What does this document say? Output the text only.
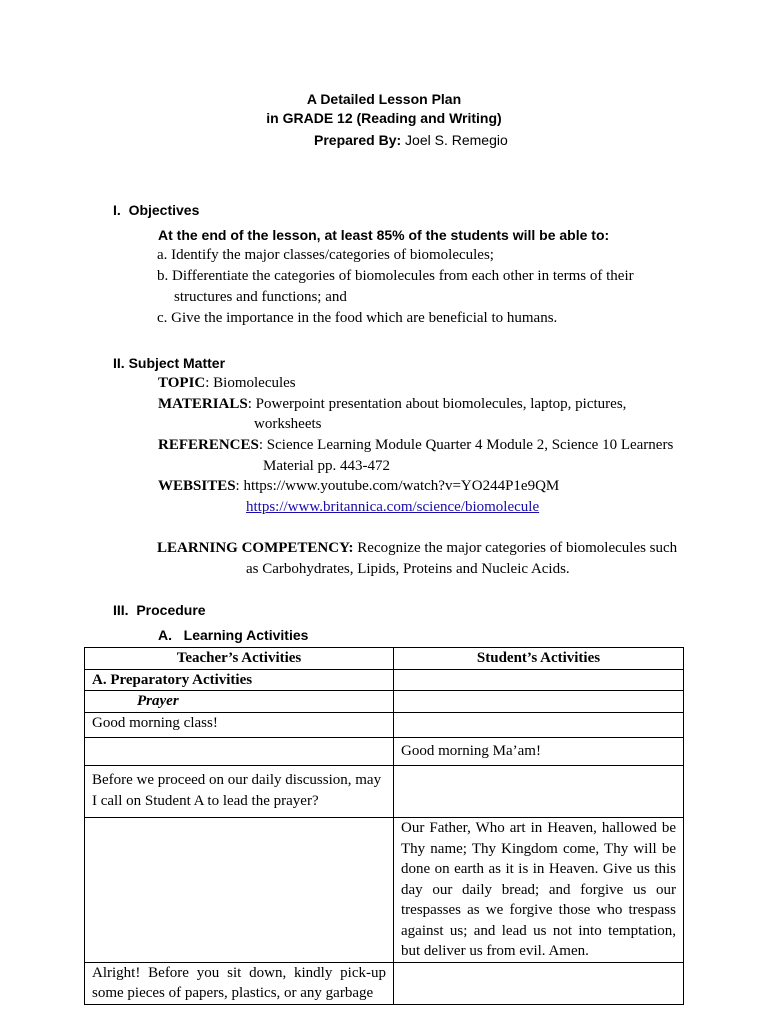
A Detailed Lesson Plan
in GRADE 12 (Reading and Writing)
Prepared By: Joel S. Remegio
I. Objectives
At the end of the lesson, at least 85% of the students will be able to:
a. Identify the major classes/categories of biomolecules;
b. Differentiate the categories of biomolecules from each other in terms of their
structures and functions; and
c. Give the importance in the food which are beneficial to humans.
II. Subject Matter
TOPIC: Biomolecules
MATERIALS: Powerpoint presentation about biomolecules, laptop, pictures,
worksheets
REFERENCES: Science Learning Module Quarter 4 Module 2, Science 10 Learners
Material pp. 443-472
WEBSITES: https://www.youtube.com/watch?v=YO244P1e9QM
https://www.britannica.com/science/biomolecule
LEARNING COMPETENCY: Recognize the major categories of biomolecules such
as Carbohydrates, Lipids, Proteins and Nucleic Acids.
III. Procedure
A. Learning Activities
Teacher’s Activities	Student’s Activities
A. Preparatory Activities	
Prayer	
Good morning class!	
	Good morning Ma’am!
Before we proceed on our daily discussion, may I call on Student A to lead the prayer?	
	Our Father, Who art in Heaven, hallowed be Thy name; Thy Kingdom come, Thy will be done on earth as it is in Heaven. Give us this day our daily bread; and forgive us our trespasses as we forgive those who trespass against us; and lead us not into temptation, but deliver us from evil. Amen.
Alright! Before you sit down, kindly pick-up some pieces of papers, plastics, or any garbage	
